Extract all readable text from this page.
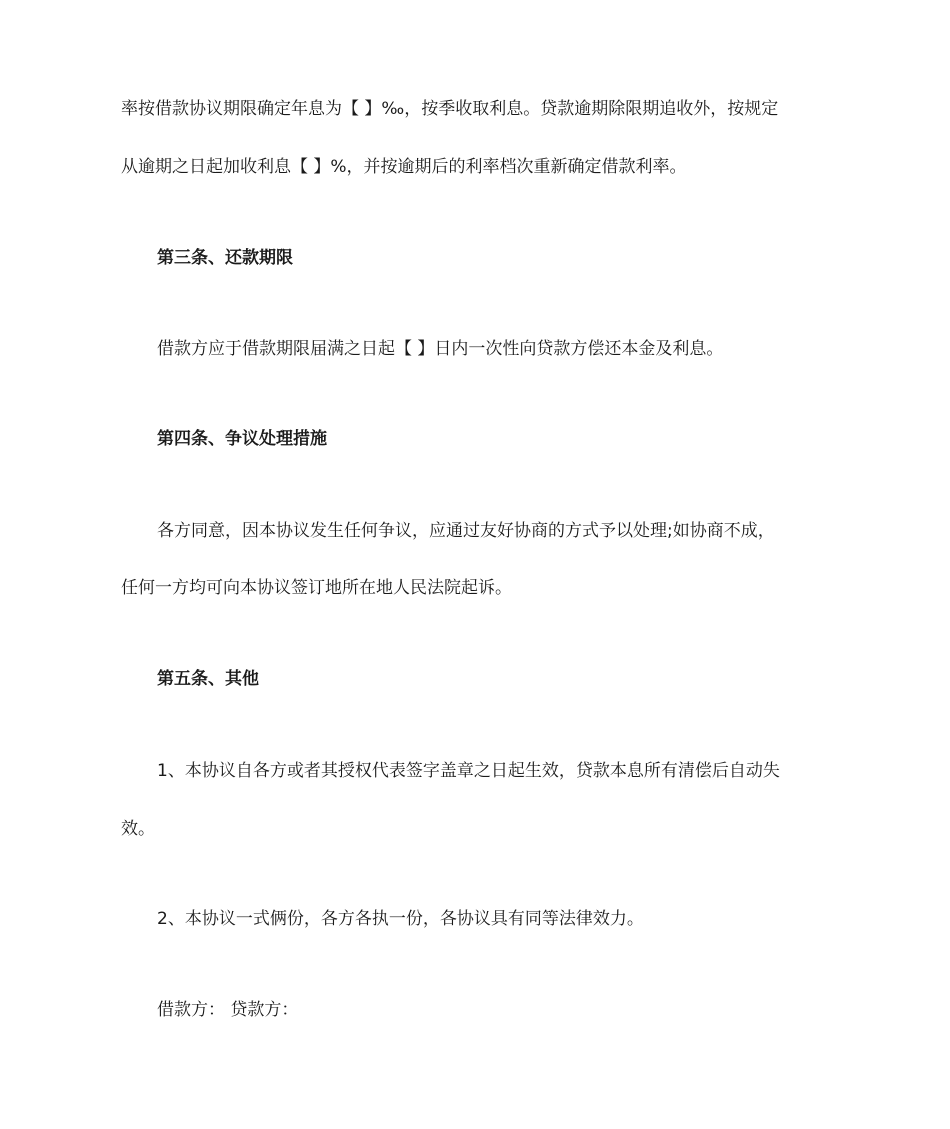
率按借款协议期限确定年息为【 】‰，按季收取利息。贷款逾期除限期追收外，按规定
从逾期之日起加收利息【 】%，并按逾期后的利率档次重新确定借款利率。
第三条、还款期限
借款方应于借款期限届满之日起【 】日内一次性向贷款方偿还本金及利息。
第四条、争议处理措施
各方同意，因本协议发生任何争议，应通过友好协商的方式予以处理;如协商不成，
任何一方均可向本协议签订地所在地人民法院起诉。
第五条、其他
1、本协议自各方或者其授权代表签字盖章之日起生效，贷款本息所有清偿后自动失
效。
2、本协议一式俩份，各方各执一份，各协议具有同等法律效力。
借款方： 贷款方：
